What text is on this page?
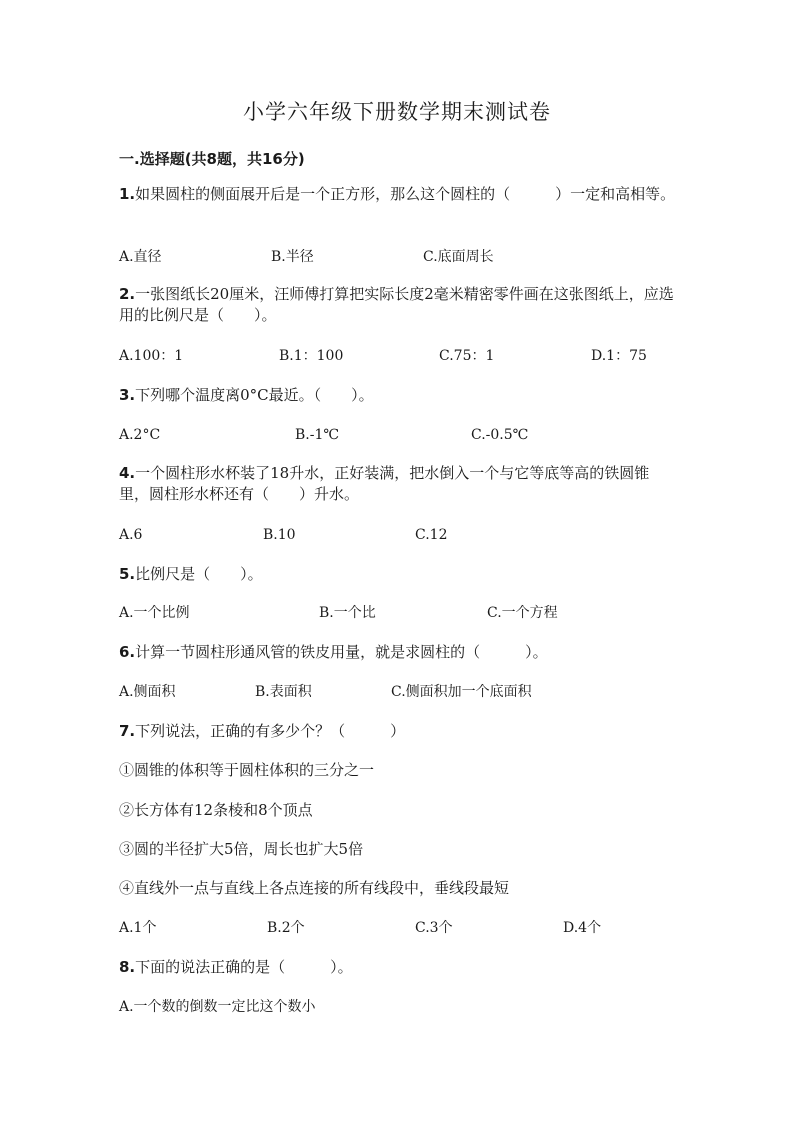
小学六年级下册数学期末测试卷
一.选择题(共8题，共16分)
1.如果圆柱的侧面展开后是一个正方形，那么这个圆柱的（　　　）一定和高相等。
A.直径	B.半径	C.底面周长
2.一张图纸长20厘米，汪师傅打算把实际长度2毫米精密零件画在这张图纸上，应选用的比例尺是（　　）。
A.100：1	B.1：100	C.75：1	D.1：75
3.下列哪个温度离0°C最近。（　　）。
A.2°C	B.-1℃	C.-0.5℃
4.一个圆柱形水杯装了18升水，正好装满，把水倒入一个与它等底等高的铁圆锥里，圆柱形水杯还有（　　）升水。
A.6	B.10	C.12
5.比例尺是（　　）。
A.一个比例	B.一个比	C.一个方程
6.计算一节圆柱形通风管的铁皮用量，就是求圆柱的（　　　）。
A.侧面积	B.表面积	C.侧面积加一个底面积
7.下列说法，正确的有多少个？（　　　）
①圆锥的体积等于圆柱体积的三分之一
②长方体有12条棱和8个顶点
③圆的半径扩大5倍，周长也扩大5倍
④直线外一点与直线上各点连接的所有线段中，垂线段最短
A.1个	B.2个	C.3个	D.4个
8.下面的说法正确的是（　　　）。
A.一个数的倒数一定比这个数小
